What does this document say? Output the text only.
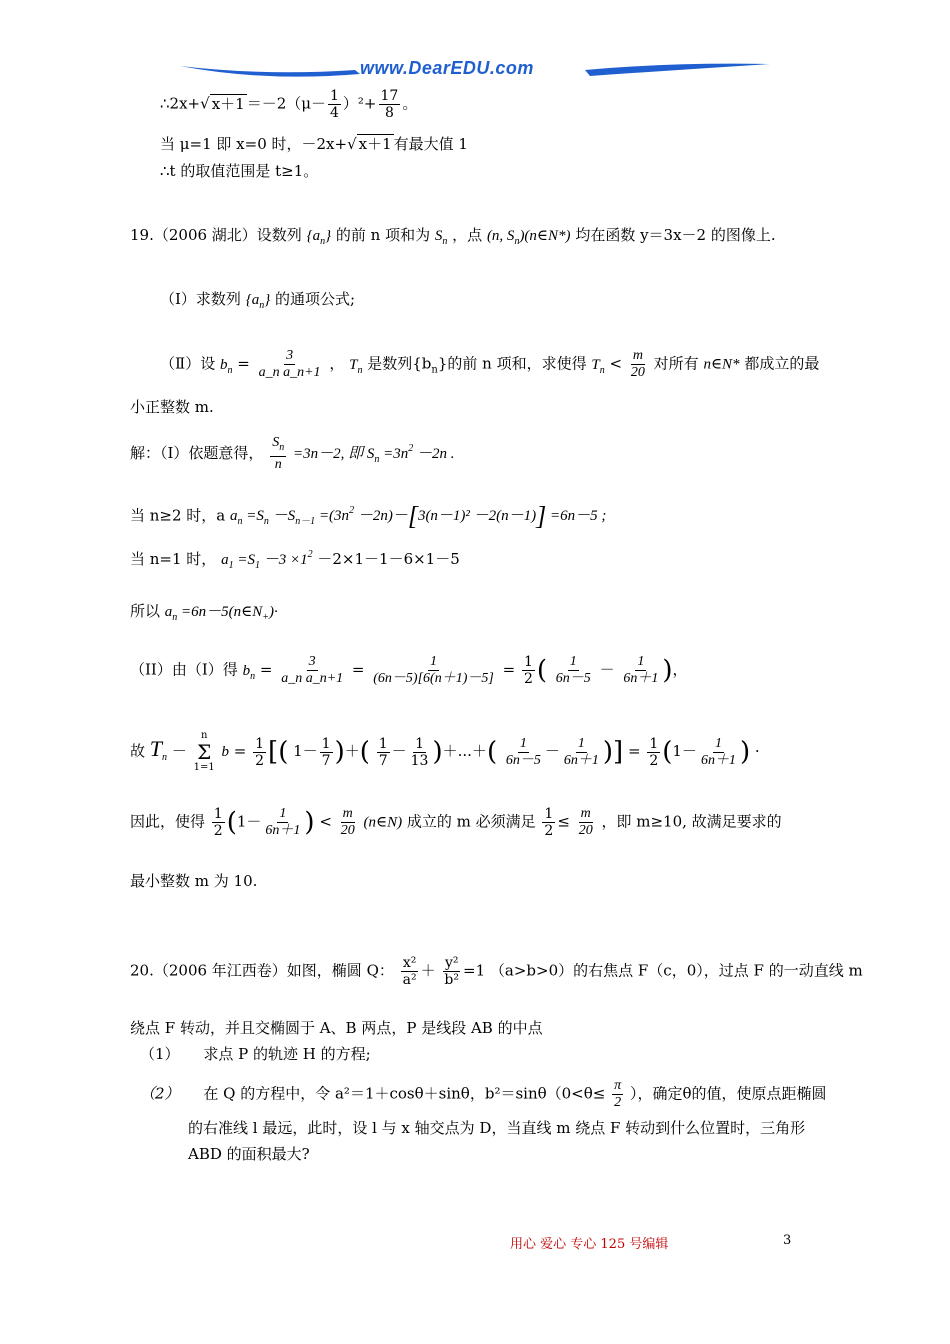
www.DearEDU.com
∴2x+√ $x+1 =-2(\mu- \frac{1}{4} )^2+ \frac{17}{8}$ 。
当 μ=1 即 x=0 时，－2x+√ x＋1 有最大值 1
∴t 的取值范围是 t≥1。
19.（2006 湖北）设数列 $\{a_n\}$ 的前 n 项和为 $S_n$ ，点 (n, $S_n)(n\in N*)$ 均在函数 y＝3x－2 的图像上.
（Ⅰ）求数列 $\{a_n\}$ 的通项公式;
（Ⅱ）设 $b_n = \frac{3}{\text{a\_n a\_n+1}}$ ， $T_n$ 是数列$\{b_n\}$的前 n 项和，求使得 $T_n < \frac{m}{20}$ 对所有 n∈N* 都成立的最
小正整数 m.
解：（I）依题意得， $\frac{S_n}{n} =3n-2$, 即 $S_n =3n^2 -2n$ .
当 n≥2 时，a $a_n =S_n -S_{n-1} =(3n^2 -2n)-[3(n-1)^2 -2(n-1)] =6n-5$ ;
当 n=1 时， $a_1 =S_1 -3 \times 1^2 -2\times 1-1-6\times 1-5$
所以 $a_n$ $=6n-5(n\in N_+)\cdot$
（II）由（I）得 $b_n = \frac{3}{\text{a\_n a\_n+1}} = \frac{1}{(6n-5)[6(n+1)-5]} = \frac{1}{2}$ ( $\frac{1}{6n-5} - \frac{1}{6n+1}$ )，
故 $T_n$ －
n
Σ
1=1
$b = \frac{1}{2}$ [( $1- \frac{1}{7}$ )＋( $\frac{1}{7} - \frac{1}{13}$ )＋...＋( $\frac{1}{6n-5} - \frac{1}{6n+1}$ )] = $\frac{1}{2} (1- \frac{1}{6n+1}$ ) ·
因此，使得 $\frac{1}{2} (1- \frac{1}{6n+1}$ ) < $\frac{m}{20}$ (n∈N) 成立的 m 必须满足 $\frac{1}{2} \le \frac{m}{20}$ ，即 m≥10, 故满足要求的
最小整数 m 为 10.
20.（2006 年江西卷）如图，椭圆 Q： $\frac{\text{x²}}{\text{a²}} + \frac{\text{y²}}{\text{b²}} =1$ （a>b>0）的右焦点 F（c，0），过点 F 的一动直线 m
绕点 F 转动，并且交椭圆于 A、B 两点，P 是线段 AB 的中点
（1） 求点 P 的轨迹 H 的方程;
（2） 在 Q 的方程中，令 a²＝1＋cosθ＋sinθ，$b^2=\sin\theta(0<\theta\le \frac{\pi}{2}$ ），确定θ的值，使原点距椭圆
的右准线 l 最远，此时，设 l 与 x 轴交点为 D，当直线 m 绕点 F 转动到什么位置时，三角形
ABD 的面积最大?
用心 爱心 专心 125 号编辑	3
